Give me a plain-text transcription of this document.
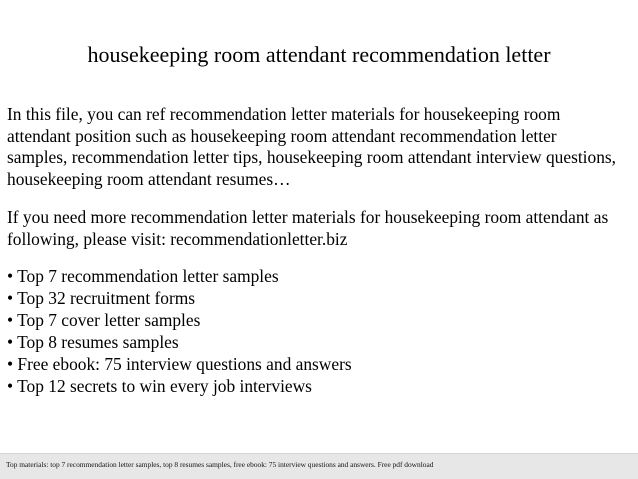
housekeeping room attendant recommendation letter

In this file, you can ref recommendation letter materials for housekeeping room
attendant position such as housekeeping room attendant recommendation letter
samples, recommendation letter tips, housekeeping room attendant interview questions,
housekeeping room attendant resumes…

If you need more recommendation letter materials for housekeeping room attendant as
following, please visit: recommendationletter.biz

• Top 7 recommendation letter samples
• Top 32 recruitment forms
• Top 7 cover letter samples
• Top 8 resumes samples
• Free ebook: 75 interview questions and answers
• Top 12 secrets to win every job interviews
Top materials: top 7 recommendation letter samples, top 8 resumes samples, free ebook: 75 interview questions and answers. Free pdf download
